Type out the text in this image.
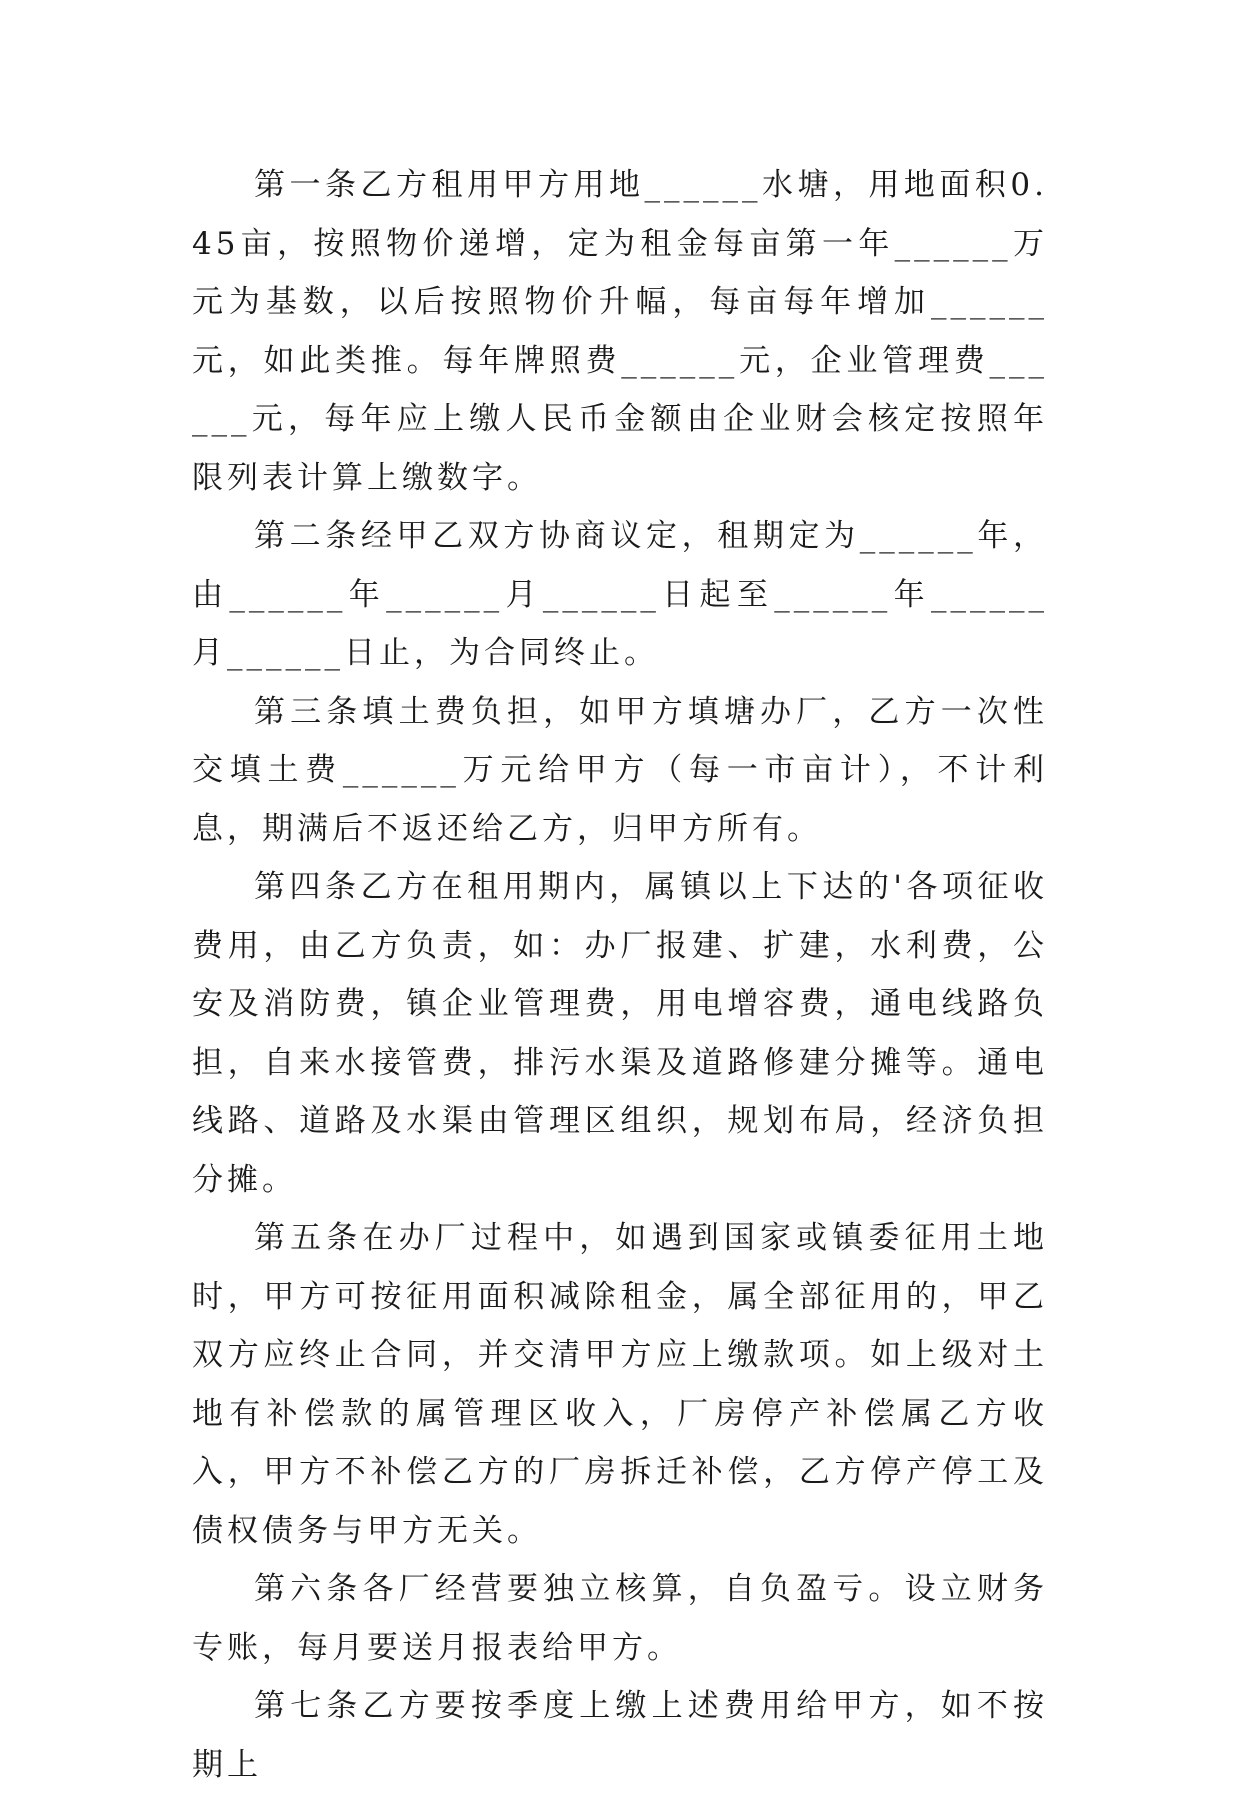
第一条乙方租用甲方用地______水塘，用地面积0.45亩，按照物价递增，定为租金每亩第一年______万元为基数，以后按照物价升幅，每亩每年增加______元，如此类推。每年牌照费______元，企业管理费______元，每年应上缴人民币金额由企业财会核定按照年限列表计算上缴数字。

第二条经甲乙双方协商议定，租期定为______年，由______年______月______日起至______年______月______日止，为合同终止。

第三条填土费负担，如甲方填塘办厂，乙方一次性交填土费______万元给甲方（每一市亩计），不计利息，期满后不返还给乙方，归甲方所有。

第四条乙方在租用期内，属镇以上下达的'各项征收费用，由乙方负责，如：办厂报建、扩建，水利费，公安及消防费，镇企业管理费，用电增容费，通电线路负担，自来水接管费，排污水渠及道路修建分摊等。通电线路、道路及水渠由管理区组织，规划布局，经济负担分摊。

第五条在办厂过程中，如遇到国家或镇委征用土地时，甲方可按征用面积减除租金，属全部征用的，甲乙双方应终止合同，并交清甲方应上缴款项。如上级对土地有补偿款的属管理区收入，厂房停产补偿属乙方收入，甲方不补偿乙方的厂房拆迁补偿，乙方停产停工及债权债务与甲方无关。

第六条各厂经营要独立核算，自负盈亏。设立财务专账，每月要送月报表给甲方。

第七条乙方要按季度上缴上述费用给甲方，如不按期上
